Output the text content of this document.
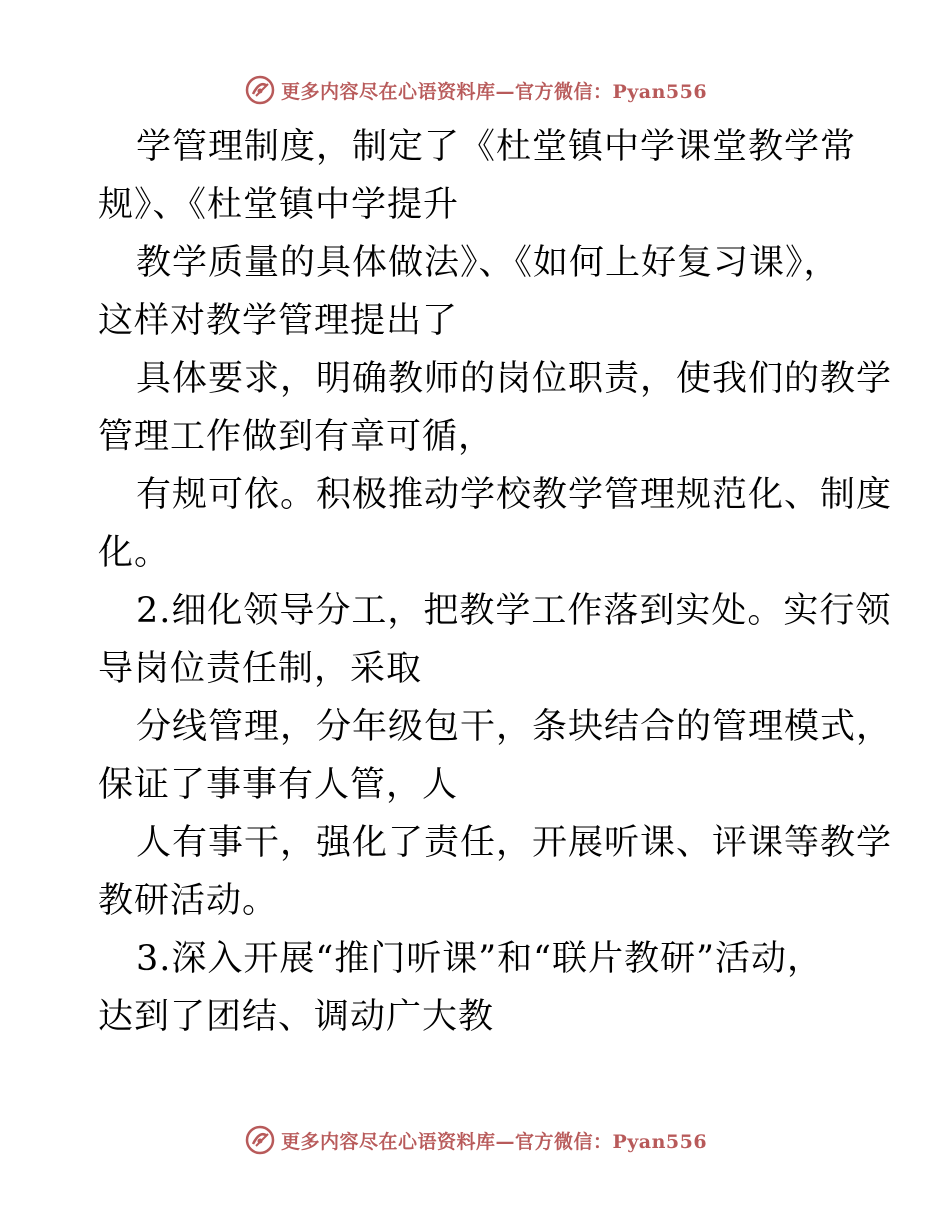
更多内容尽在心语资料库—官方微信：Pyan556
学管理制度，制定了《杜堂镇中学课堂教学常
规》、《杜堂镇中学提升
教学质量的具体做法》、《如何上好复习课》，
这样对教学管理提出了
具体要求，明确教师的岗位职责，使我们的教学
管理工作做到有章可循，
有规可依。积极推动学校教学管理规范化、制度
化。
2.细化领导分工，把教学工作落到实处。实行领
导岗位责任制，采取
分线管理，分年级包干，条块结合的管理模式，
保证了事事有人管，人
人有事干，强化了责任，开展听课、评课等教学
教研活动。
3.深入开展“推门听课”和“联片教研”活动，
达到了团结、调动广大教
更多内容尽在心语资料库—官方微信：Pyan556
